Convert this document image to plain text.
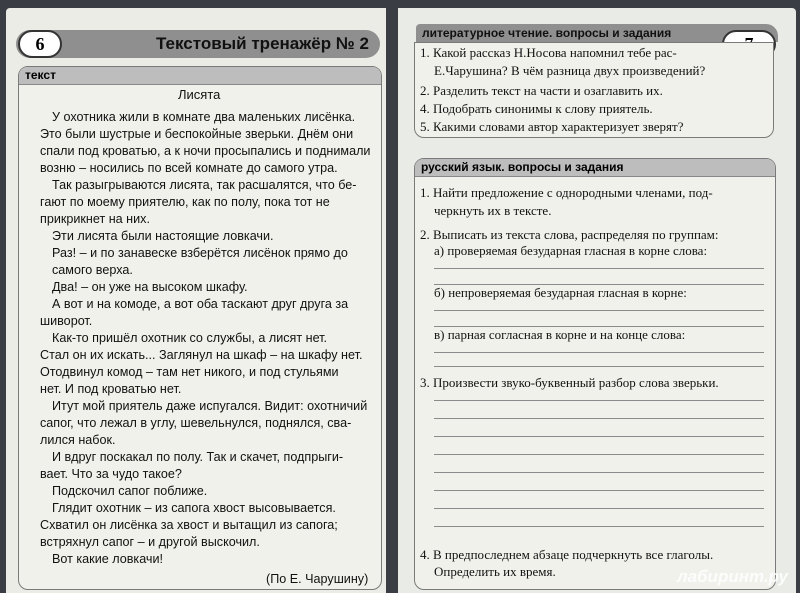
6	Текстовый тренажёр № 2
текст
Лисята
(По Е. Чарушину)
У охотника жили в комнате два маленьких лисёнка.
Это были шустрые и беспокойные зверьки. Днём они
спали под кроватью, а к ночи просыпались и поднимали
возню – носились по всей комнате до самого утра.
Так разыгрываются лисята, так расшалятся, что бе-
гают по моему приятелю, как по полу, пока тот не
прикрикнет на них.
Эти лисята были настоящие ловкачи.
Раз! – и по занавеске взберётся лисёнок прямо до
самого верха.
Два! – он уже на высоком шкафу.
А вот и на комоде, а вот оба таскают друг друга за
шиворот.
Как-то пришёл охотник со службы, а лисят нет.
Стал он их искать... Заглянул на шкаф – на шкафу нет.
Отодвинул комод – там нет никого, и под стульями
нет. И под кроватью нет.
Итут мой приятель даже испугался. Видит: охотничий
сапог, что лежал в углу, шевельнулся, поднялся, сва-
лился набок.
И вдруг поскакал по полу. Так и скачет, подпрыги-
вает. Что за чудо такое?
Подскочил сапог поближе.
Глядит охотник – из сапога хвост высовывается.
Схватил он лисёнка за хвост и вытащил из сапога;
встряхнул сапог – и другой выскочил.
Вот какие ловкачи!
литературное чтение. вопросы и задания
русский язык. вопросы и задания
1. Найти предложение с однородными членами, под-
черкнуть их в тексте.
2. Выписать из текста слова, распределяя по группам:
а) проверяемая безударная гласная в корне слова:
б) непроверяемая безударная гласная в корне:
в) парная согласная в корне и на конце слова:
3. Произвести звуко-буквенный разбор слова зверьки.
4. В предпоследнем абзаце подчеркнуть все глаголы.
Определить их время.
1. Какой рассказ Н.Носова напомнил тебе рас-
Е.Чарушина? В чём разница двух произведений?
2. Разделить текст на части и озаглавить их.
4. Подобрать синонимы к слову приятель.
5. Какими словами автор характеризует зверят?
лабиринт.ру
